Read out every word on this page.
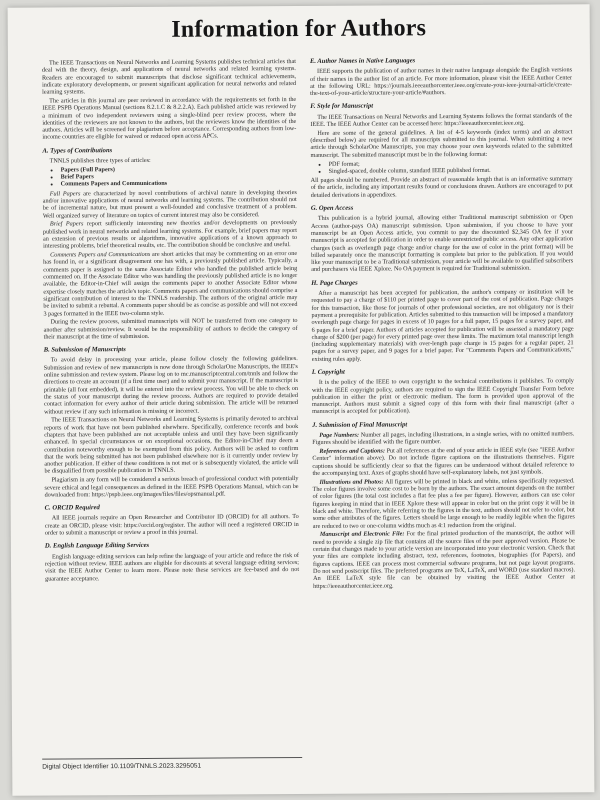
Information for Authors

The IEEE Transactions on Neural Networks and Learning Systems publishes technical articles that deal with the theory, design, and applications of neural networks and related learning systems. Readers are encouraged to submit manuscripts that disclose significant technical achievements, indicate exploratory developments, or present significant application for neural networks and related learning systems.

The articles in this journal are peer reviewed in accordance with the requirements set forth in the IEEE PSPB Operations Manual (sections 8.2.1.C & 8.2.2.A). Each published article was reviewed by a minimum of two independent reviewers using a single-blind peer review process, where the identities of the reviewers are not known to the authors, but the reviewers know the identities of the authors. Articles will be screened for plagiarism before acceptance. Corresponding authors from low-income countries are eligible for waived or reduced open access APCs.

A. Types of Contributions

TNNLS publishes three types of articles:

• Papers (Full Papers)
• Brief Papers
• Comments Papers and Communications

Full Papers are characterized by novel contributions of archival nature in developing theories and/or innovative applications of neural networks and learning systems. The contribution should not be of incremental nature, but must present a well-founded and conclusive treatment of a problem. Well organized survey of literature on topics of current interest may also be considered.

Brief Papers report sufficiently interesting new theories and/or developments on previously published work in neural networks and related learning systems. For example, brief papers may report an extension of previous results or algorithms, innovative applications of a known approach to interesting problems, brief theoretical results, etc. The contribution should be conclusive and useful.

Comments Papers and Communications are short articles that may be commenting on an error one has found in, or a significant disagreement one has with, a previously published article. Typically, a comments paper is assigned to the same Associate Editor who handled the published article being commented on. If the Associate Editor who was handling the previously published article is no longer available, the Editor-in-Chief will assign the comments paper to another Associate Editor whose expertise closely matches the article's topic. Comments papers and communications should comprise a significant contribution of interest to the TNNLS readership. The authors of the original article may be invited to submit a rebuttal. A comments paper should be as concise as possible and will not exceed 3 pages formatted in the IEEE two-column style.

During the review process, submitted manuscripts will NOT be transferred from one category to another after submission/review. It would be the responsibility of authors to decide the category of their manuscript at the time of submission.

B. Submission of Manuscripts

To avoid delay in processing your article, please follow closely the following guidelines. Submission and review of new manuscripts is now done through ScholarOne Manuscripts, the IEEE's online submission and review system. Please log on to mc.manuscriptcentral.com/tnnls and follow the directions to create an account (if a first time user) and to submit your manuscript. If the manuscript is printable (all font embedded), it will be entered into the review process. You will be able to check on the status of your manuscript during the review process. Authors are required to provide detailed contact information for every author of their article during submission. The article will be returned without review if any such information is missing or incorrect.

The IEEE Transactions on Neural Networks and Learning Systems is primarily devoted to archival reports of work that have not been published elsewhere. Specifically, conference records and book chapters that have been published are not acceptable unless and until they have been significantly enhanced. In special circumstances or on exceptional occasions, the Editor-in-Chief may deem a contribution noteworthy enough to be exempted from this policy. Authors will be asked to confirm that the work being submitted has not been published elsewhere nor is it currently under review by another publication. If either of these conditions is not met or is subsequently violated, the article will be disqualified from possible publication in TNNLS.

Plagiarism in any form will be considered a serious breach of professional conduct with potentially severe ethical and legal consequences as defined in the IEEE PSPB Operations Manual, which can be downloaded from: https://pspb.ieee.org/images/files/files/opsmanual.pdf.

C. ORCID Required

All IEEE journals require an Open Researcher and Contributor ID (ORCID) for all authors. To create an ORCID, please visit: https://orcid.org/register. The author will need a registered ORCID in order to submit a manuscript or review a proof in this journal.

D. English Language Editing Services

English language editing services can help refine the language of your article and reduce the risk of rejection without review. IEEE authors are eligible for discounts at several language editing services; visit the IEEE Author Center to learn more. Please note these services are fee-based and do not guarantee acceptance.

E. Author Names in Native Languages

IEEE supports the publication of author names in their native language alongside the English versions of their names in the author list of an article. For more information, please visit the IEEE Author Center at the following URL: https://journals.ieeeauthorcenter.ieee.org/create-your-ieee-journal-article/create-the-text-of-your-article/structure-your-article/#authors.

F. Style for Manuscript

The IEEE Transactions on Neural Networks and Learning Systems follows the format standards of the IEEE. The IEEE Author Center can be accessed here: https://ieeeauthorcenter.ieee.org.

Here are some of the general guidelines. A list of 4-5 keywords (index terms) and an abstract (described below) are required for all manuscripts submitted to this journal. When submitting a new article through ScholarOne Manuscripts, you may choose your own keywords related to the submitted manuscript. The submitted manuscript must be in the following format:

• PDF format;
• Singled-spaced, double column, standard IEEE published format.

All pages should be numbered. Provide an abstract of reasonable length that is an informative summary of the article, including any important results found or conclusions drawn. Authors are encouraged to put detailed derivations in appendixes.

G. Open Access

This publication is a hybrid journal, allowing either Traditional manuscript submission or Open Access (author-pays OA) manuscript submission. Upon submission, if you choose to have your manuscript be an Open Access article, you commit to pay the discounted $2,345 OA fee if your manuscript is accepted for publication in order to enable unrestricted public access. Any other application charges (such as overlength page charge and/or charge for the use of color in the print format) will be billed separately once the manuscript formatting is complete but prior to the publication. If you would like your manuscript to be a Traditional submission, your article will be available to qualified subscribers and purchasers via IEEE Xplore. No OA payment is required for Traditional submission.

H. Page Charges

After a manuscript has been accepted for publication, the author's company or institution will be requested to pay a charge of $110 per printed page to cover part of the cost of publication. Page charges for this transaction, like those for journals of other professional societies, are not obligatory nor is their payment a prerequisite for publication. Articles submitted to this transaction will be imposed a mandatory overlength page charge for pages in excess of 10 pages for a full paper, 15 pages for a survey paper, and 6 pages for a brief paper. Authors of articles accepted for publication will be assessed a mandatory page charge of $200 (per page) for every printed page over these limits. The maximum total manuscript length (including supplementary materials) with over-length page charge is 15 pages for a regular paper, 21 pages for a survey paper, and 9 pages for a brief paper. For "Comments Papers and Communications," existing rules apply.

I. Copyright

It is the policy of the IEEE to own copyright to the technical contributions it publishes. To comply with the IEEE copyright policy, authors are required to sign the IEEE Copyright Transfer Form before publication in either the print or electronic medium. The form is provided upon approval of the manuscript. Authors must submit a signed copy of this form with their final manuscript (after a manuscript is accepted for publication).

J. Submission of Final Manuscript

Page Numbers: Number all pages, including illustrations, in a single series, with no omitted numbers. Figures should be identified with the figure number.

References and Captions: Put all references at the end of your article in IEEE style (see "IEEE Author Center" information above). Do not include figure captions on the illustrations themselves. Figure captions should be sufficiently clear so that the figures can be understood without detailed reference to the accompanying text. Axes of graphs should have self-explanatory labels, not just symbols.

Illustrations and Photos: All figures will be printed in black and white, unless specifically requested. The color figures involve some cost to be born by the authors. The exact amount depends on the number of color figures (the total cost includes a flat fee plus a fee per figure). However, authors can use color figures keeping in mind that in IEEE Xplore these will appear in color but on the print copy it will be in black and white. Therefore, while referring to the figures in the text, authors should not refer to color, but some other attributes of the figures. Letters should be large enough to be readily legible when the figures are reduced to two or one-column widths much as 4:1 reduction from the original.

Manuscript and Electronic File: For the final printed production of the manuscript, the author will need to provide a single zip file that contains all the source files of the peer approved version. Please be certain that changes made to your article version are incorporated into your electronic version. Check that your files are complete including abstract, text, references, footnotes, biographies (for Papers), and figures captions. IEEE can process most commercial software programs, but not page layout programs. Do not send postscript files. The preferred programs are TeX, LaTeX, and WORD (use standard macros). An IEEE LaTeX style file can be obtained by visiting the IEEE Author Center at https://ieeeauthorcenter.ieee.org.

Digital Object Identifier 10.1109/TNNLS.2023.3295051
